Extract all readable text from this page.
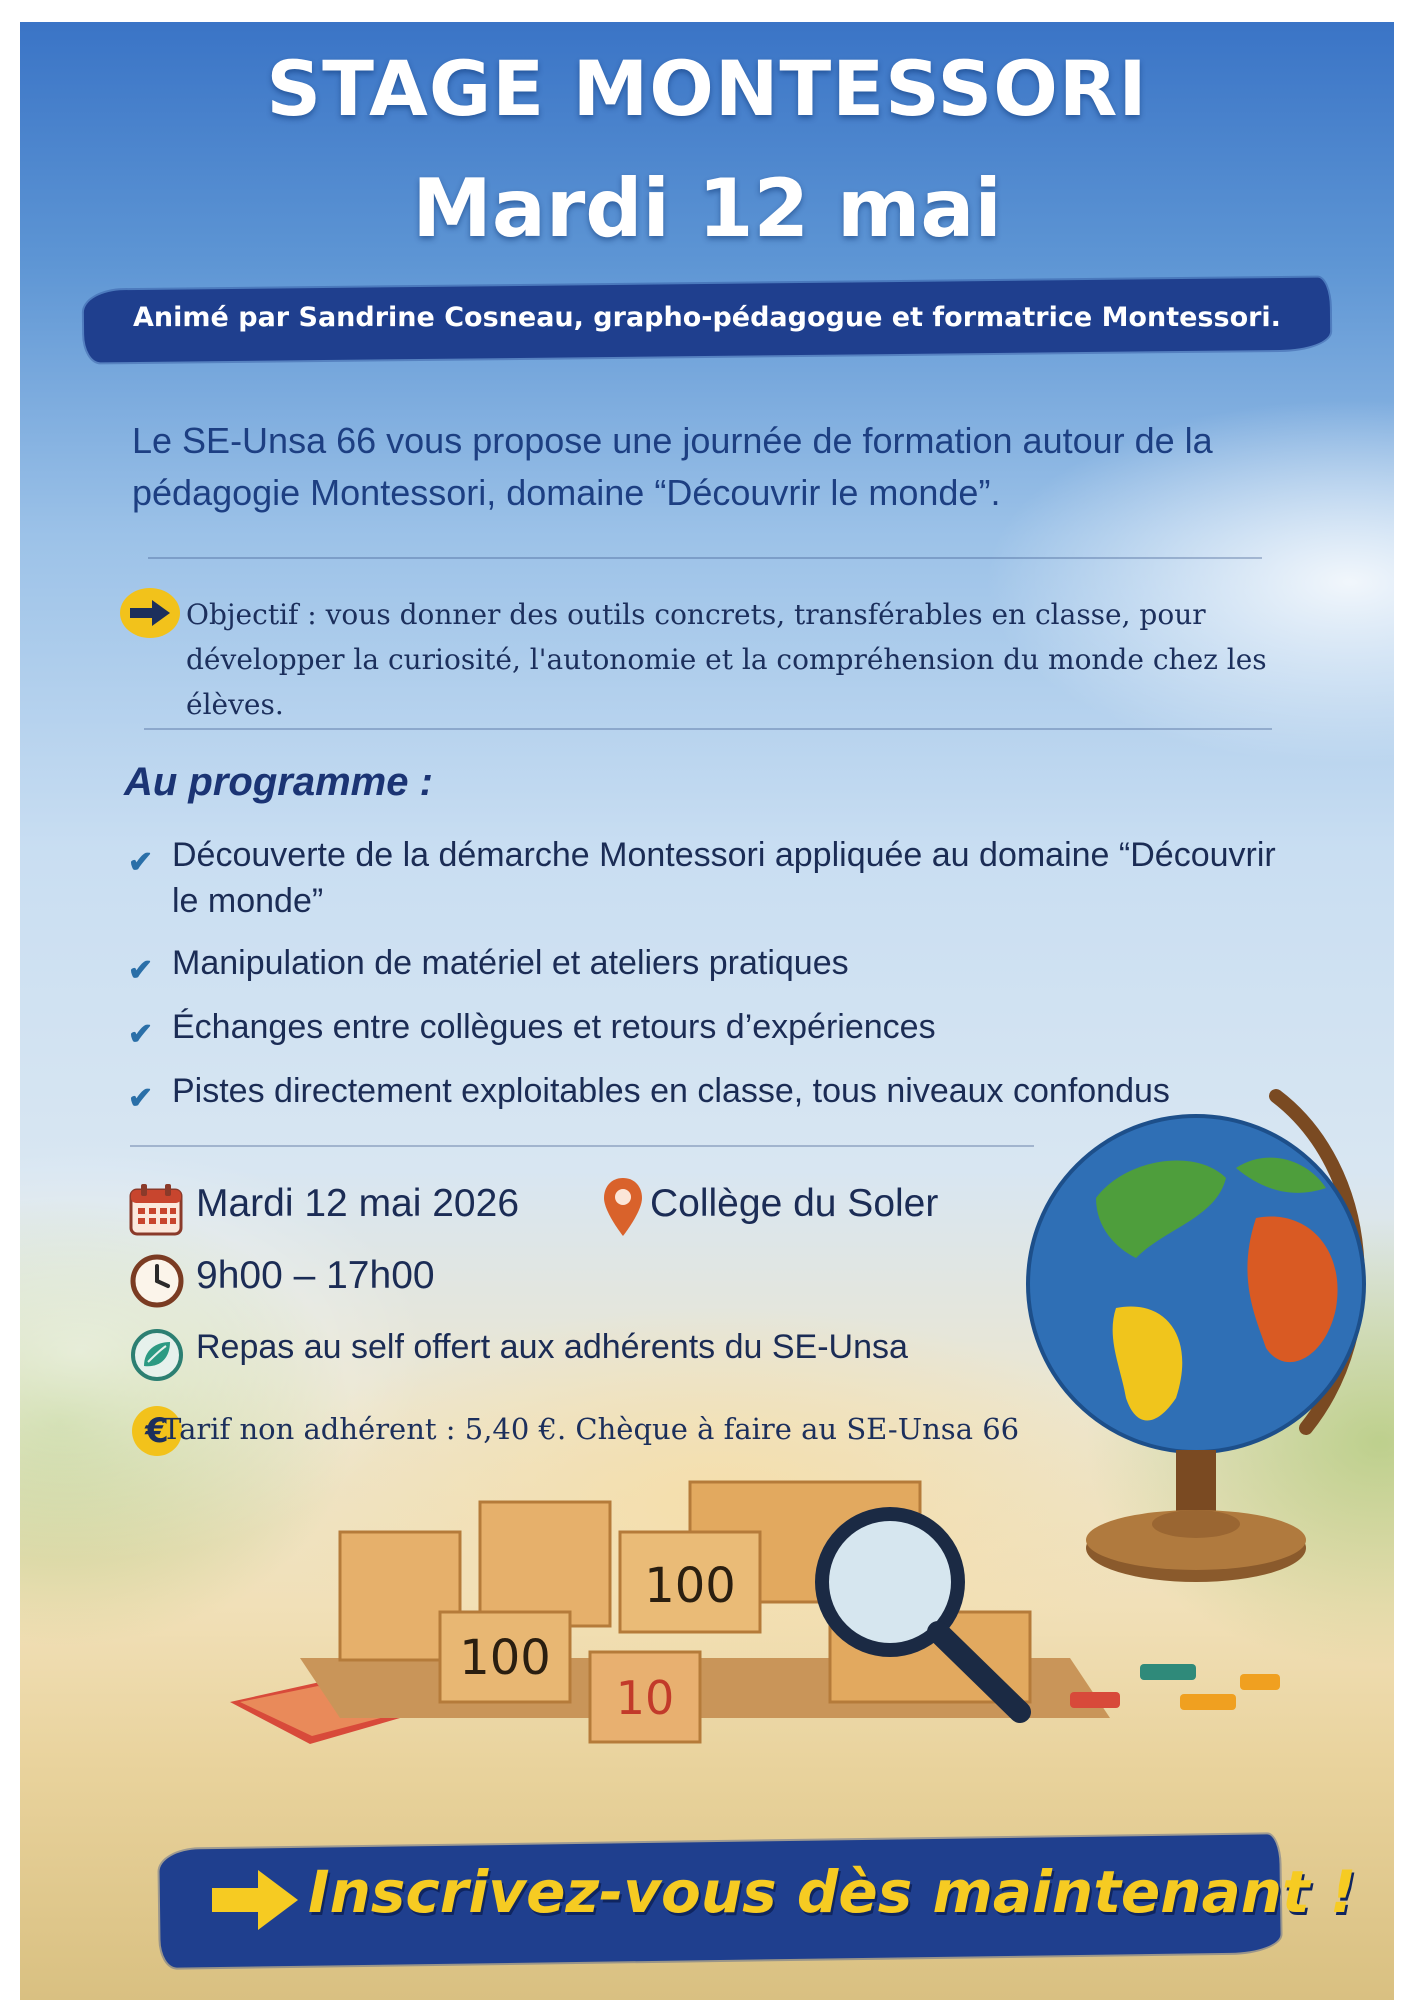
STAGE MONTESSORI
Mardi 12 mai
Animé par Sandrine Cosneau, grapho-pédagogue et formatrice Montessori.
Le SE-Unsa 66 vous propose une journée de formation autour de la pédagogie Montessori, domaine “Découvrir le monde”.
Objectif : vous donner des outils concrets, transférables en classe, pour développer la curiosité, l'autonomie et la compréhension du monde chez les élèves.
Au programme :
✔ Découverte de la démarche Montessori appliquée au domaine “Découvrir le monde”
✔ Manipulation de matériel et ateliers pratiques
✔ Échanges entre collègues et retours d’expériences
✔ Pistes directement exploitables en classe, tous niveaux confondus
Mardi 12 mai 2026	Collège du Soler
9h00 – 17h00
Repas au self offert aux adhérents du SE-Unsa
€
Tarif non adhérent : 5,40 €. Chèque à faire au SE-Unsa 66
100
100
10
Inscrivez-vous dès maintenant !
